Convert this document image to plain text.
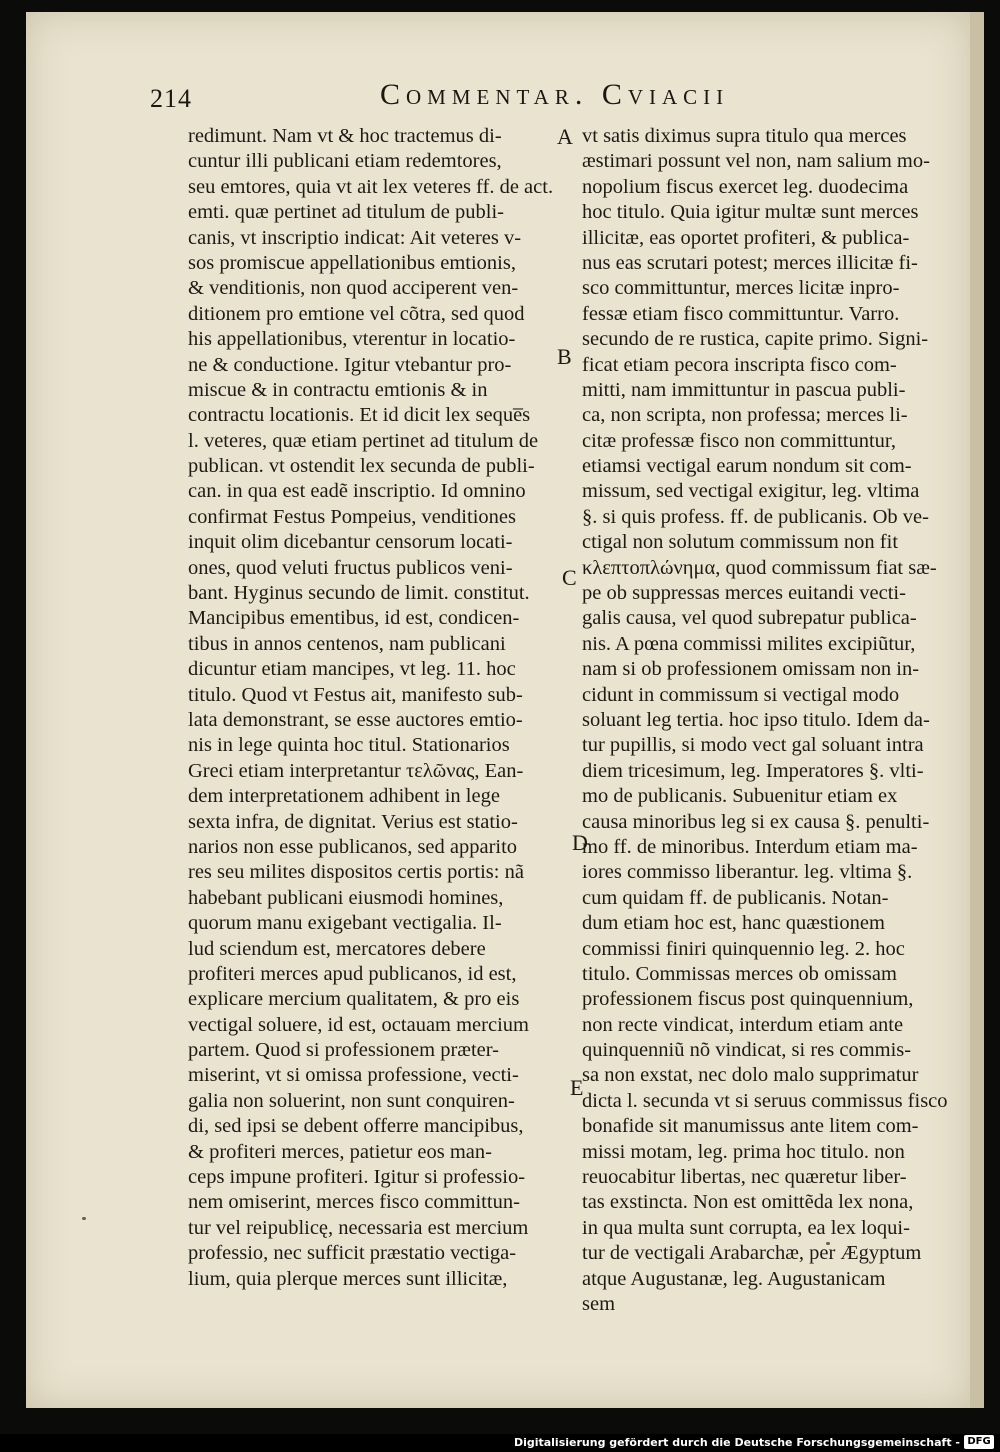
214	Commentar. Cviacii
redimunt. Nam vt & hoc tractemus di-
cuntur illi publicani etiam redemtores,
seu emtores, quia vt ait lex veteres ff. de act.
emti. quæ pertinet ad titulum de publi-
canis, vt inscriptio indicat: Ait veteres v-
sos promiscue appellationibus emtionis,
& venditionis, non quod acciperent ven-
ditionem pro emtione vel cõtra, sed quod
his appellationibus, vterentur in locatio-
ne & conductione. Igitur vtebantur pro-
miscue & in contractu emtionis & in
contractu locationis. Et id dicit lex seque̅s
l. veteres, quæ etiam pertinet ad titulum de
publican. vt ostendit lex secunda de publi-
can. in qua est eadẽ inscriptio. Id omnino
confirmat Festus Pompeius, venditiones
inquit olim dicebantur censorum locati-
ones, quod veluti fructus publicos veni-
bant. Hyginus secundo de limit. constitut.
Mancipibus ementibus, id est, condicen-
tibus in annos centenos, nam publicani
dicuntur etiam mancipes, vt leg. 11. hoc
titulo. Quod vt Festus ait, manifesto sub-
lata demonstrant, se esse auctores emtio-
nis in lege quinta hoc titul. Stationarios
Greci etiam interpretantur τελῶνας, Ean-
dem interpretationem adhibent in lege
sexta infra, de dignitat. Verius est statio-
narios non esse publicanos, sed apparito
res seu milites dispositos certis portis: nã
habebant publicani eiusmodi homines,
quorum manu exigebant vectigalia. Il-
lud sciendum est, mercatores debere
profiteri merces apud publicanos, id est,
explicare mercium qualitatem, & pro eis
vectigal soluere, id est, octauam mercium
partem. Quod si professionem præter-
miserint, vt si omissa professione, vecti-
galia non soluerint, non sunt conquiren-
di, sed ipsi se debent offerre mancipibus,
& profiteri merces, patietur eos man-
ceps impune profiteri. Igitur si professio-
nem omiserint, merces fisco committun-
tur vel reipublicę, necessaria est mercium
professio, nec sufficit præstatio vectiga-
lium, quia plerque merces sunt illicitæ,
vt satis diximus supra titulo qua merces
æstimari possunt vel non, nam salium mo-
nopolium fiscus exercet leg. duodecima
hoc titulo. Quia igitur multæ sunt merces
illicitæ, eas oportet profiteri, & publica-
nus eas scrutari potest; merces illicitæ fi-
sco committuntur, merces licitæ inpro-
fessæ etiam fisco committuntur. Varro.
secundo de re rustica, capite primo. Signi-
ficat etiam pecora inscripta fisco com-
mitti, nam immittuntur in pascua publi-
ca, non scripta, non professa; merces li-
citæ professæ fisco non committuntur,
etiamsi vectigal earum nondum sit com-
missum, sed vectigal exigitur, leg. vltima
§. si quis profess. ff. de publicanis. Ob ve-
ctigal non solutum commissum non fit
κλεπτοπλώνημα, quod commissum fiat sæ-
pe ob suppressas merces euitandi vecti-
galis causa, vel quod subrepatur publica-
nis. A pœna commissi milites excipiũtur,
nam si ob professionem omissam non in-
cidunt in commissum si vectigal modo
soluant leg tertia. hoc ipso titulo. Idem da-
tur pupillis, si modo vect gal soluant intra
diem tricesimum, leg. Imperatores §. vlti-
mo de publicanis. Subuenitur etiam ex
causa minoribus leg si ex causa §. penulti-
mo ff. de minoribus. Interdum etiam ma-
iores commisso liberantur. leg. vltima §.
cum quidam ff. de publicanis. Notan-
dum etiam hoc est, hanc quæstionem
commissi finiri quinquennio leg. 2. hoc
titulo. Commissas merces ob omissam
professionem fiscus post quinquennium,
non recte vindicat, interdum etiam ante
quinquenniũ nõ vindicat, si res commis-
sa non exstat, nec dolo malo supprimatur
dicta l. secunda vt si seruus commissus fisco
bonafide sit manumissus ante litem com-
missi motam, leg. prima hoc titulo. non
reuocabitur libertas, nec quæretur liber-
tas exstincta. Non est omittẽda lex nona,
in qua multa sunt corrupta, ea lex loqui-
tur de vectigali Arabarchæ, per Ægyptum
atque Augustanæ, leg. Augustanicam
sem
A
B
C
D
E
Digitalisierung gefördert durch die Deutsche Forschungsgemeinschaft - DFG
